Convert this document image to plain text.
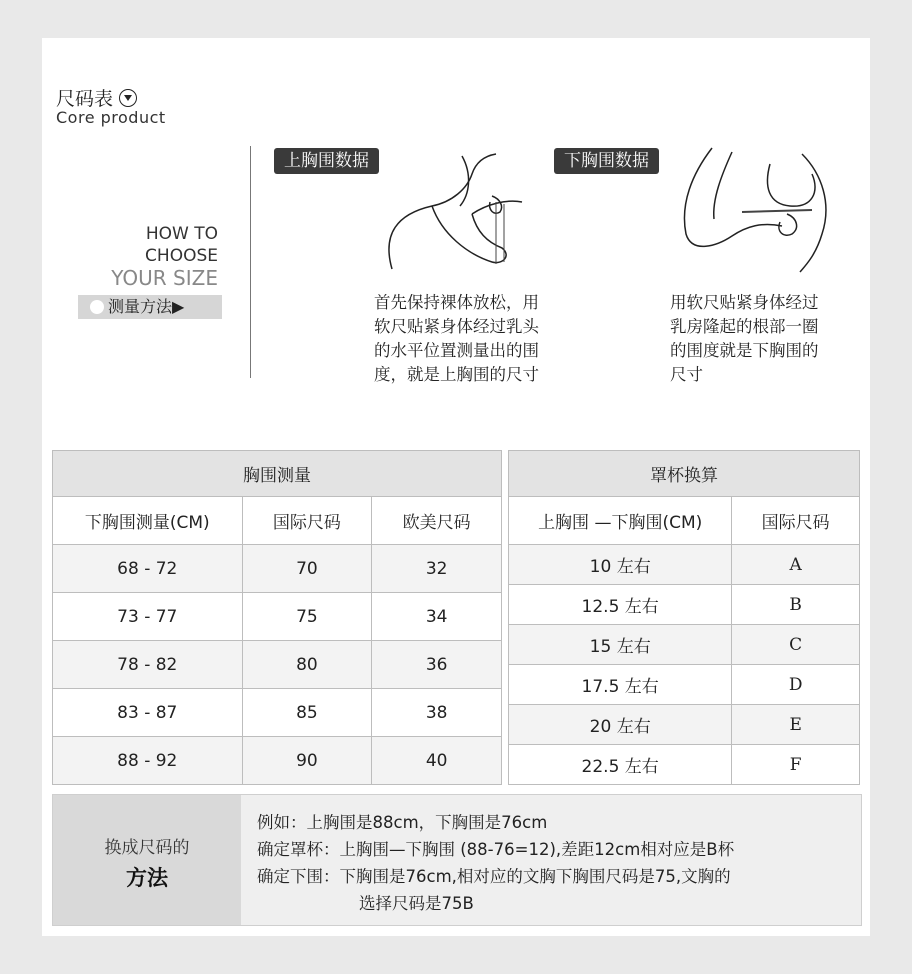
尺码表
Core product
HOW TO
CHOOSE
YOUR SIZE
测量方法▶
上胸围数据
首先保持裸体放松，用
软尺贴紧身体经过乳头
的水平位置测量出的围
度，就是上胸围的尺寸
下胸围数据
用软尺贴紧身体经过
乳房隆起的根部一圈
的围度就是下胸围的
尺寸
胸围测量		
下胸围测量(CM)	国际尺码	欧美尺码
68 - 72	70	32
73 - 77	75	34
78 - 82	80	36
83 - 87	85	38
88 - 92	90	40
罩杯换算	
上胸围 —下胸围(CM)	国际尺码
10 左右	A
12.5 左右	B
15 左右	C
17.5 左右	D
20 左右	E
22.5 左右	F
换成尺码的
方法
例如：上胸围是88cm，下胸围是76cm
确定罩杯：上胸围—下胸围 (88-76=12),差距12cm相对应是B杯
确定下围：下胸围是76cm,相对应的文胸下胸围尺码是75,文胸的
选择尺码是75B
